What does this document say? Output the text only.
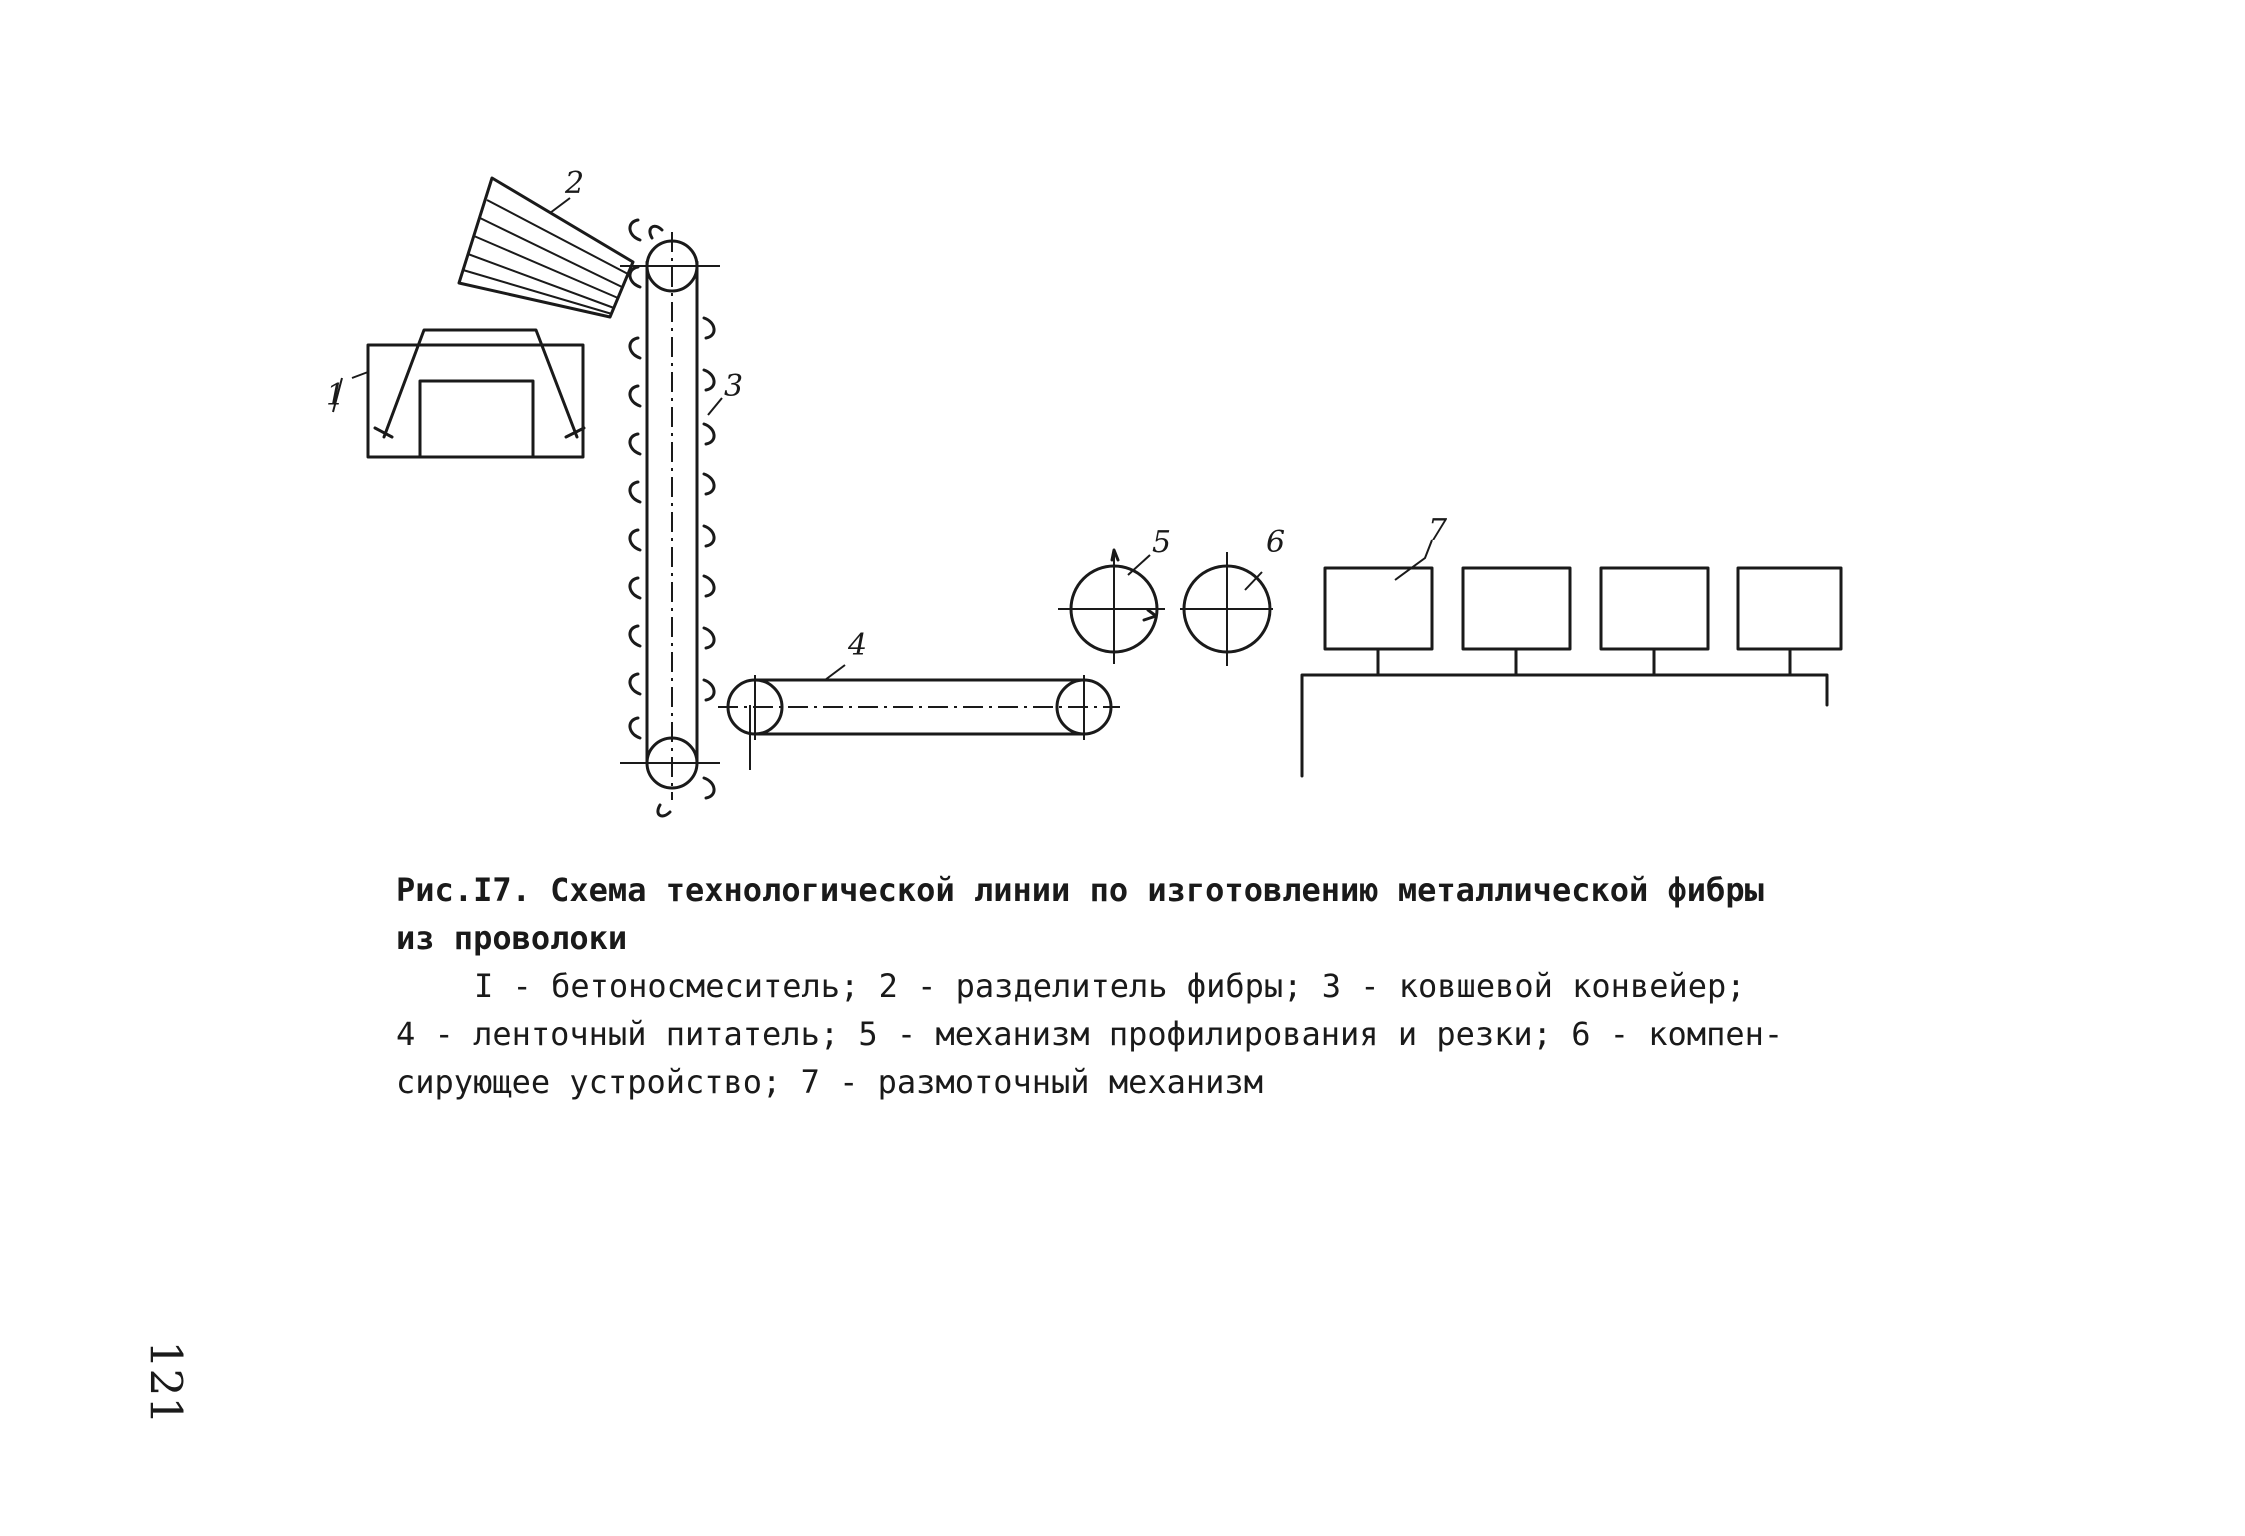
1
2
3
4
5	6	7
Рис.I7. Схема технологической линии по изготовлению металлической фибры
из проволоки
I - бетоносмеситель; 2 - разделитель фибры; 3 - ковшевой конвейер;
4 - ленточный питатель; 5 - механизм профилирования и резки; 6 - компен-
сирующее устройство; 7 - размоточный механизм
121
